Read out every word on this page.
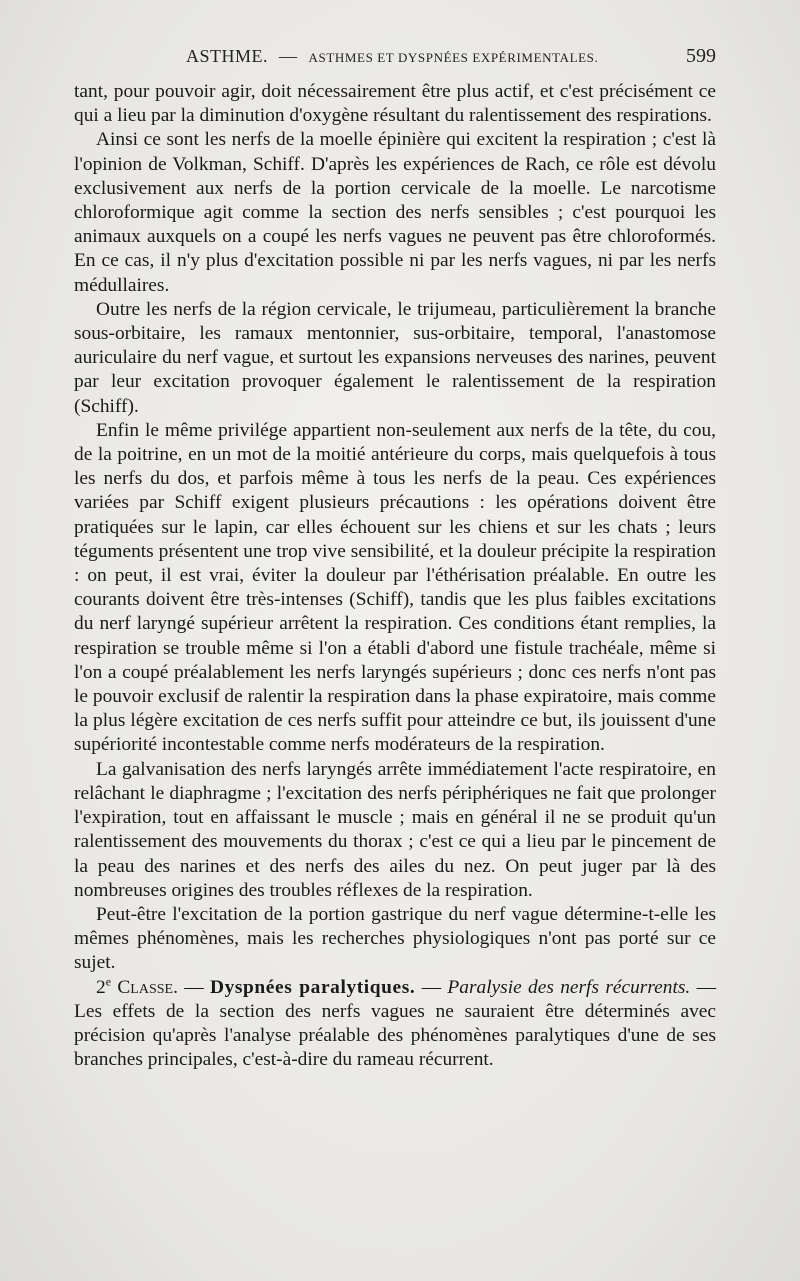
ASTHME. — ASTHMES ET DYSPNÉES EXPÉRIMENTALES.	599

tant, pour pouvoir agir, doit nécessairement être plus actif, et c'est précisément ce qui a lieu par la diminution d'oxygène résultant du ralentissement des respirations.

Ainsi ce sont les nerfs de la moelle épinière qui excitent la respiration ; c'est là l'opinion de Volkman, Schiff. D'après les expériences de Rach, ce rôle est dévolu exclusivement aux nerfs de la portion cervicale de la moelle. Le narcotisme chloroformique agit comme la section des nerfs sensibles ; c'est pourquoi les animaux auxquels on a coupé les nerfs vagues ne peuvent pas être chloroformés. En ce cas, il n'y plus d'excitation possible ni par les nerfs vagues, ni par les nerfs médullaires.

Outre les nerfs de la région cervicale, le trijumeau, particulièrement la branche sous-orbitaire, les ramaux mentonnier, sus-orbitaire, temporal, l'anastomose auriculaire du nerf vague, et surtout les expansions nerveuses des narines, peuvent par leur excitation provoquer également le ralentissement de la respiration (Schiff).

Enfin le même privilége appartient non-seulement aux nerfs de la tête, du cou, de la poitrine, en un mot de la moitié antérieure du corps, mais quelquefois à tous les nerfs du dos, et parfois même à tous les nerfs de la peau. Ces expériences variées par Schiff exigent plusieurs précautions : les opérations doivent être pratiquées sur le lapin, car elles échouent sur les chiens et sur les chats ; leurs téguments présentent une trop vive sensibilité, et la douleur précipite la respiration : on peut, il est vrai, éviter la douleur par l'éthérisation préalable. En outre les courants doivent être très-intenses (Schiff), tandis que les plus faibles excitations du nerf laryngé supérieur arrêtent la respiration. Ces conditions étant remplies, la respiration se trouble même si l'on a établi d'abord une fistule trachéale, même si l'on a coupé préalablement les nerfs laryngés supérieurs ; donc ces nerfs n'ont pas le pouvoir exclusif de ralentir la respiration dans la phase expiratoire, mais comme la plus légère excitation de ces nerfs suffit pour atteindre ce but, ils jouissent d'une supériorité incontestable comme nerfs modérateurs de la respiration.

La galvanisation des nerfs laryngés arrête immédiatement l'acte respiratoire, en relâchant le diaphragme ; l'excitation des nerfs périphériques ne fait que prolonger l'expiration, tout en affaissant le muscle ; mais en général il ne se produit qu'un ralentissement des mouvements du thorax ; c'est ce qui a lieu par le pincement de la peau des narines et des nerfs des ailes du nez. On peut juger par là des nombreuses origines des troubles réflexes de la respiration.

Peut-être l'excitation de la portion gastrique du nerf vague détermine-t-elle les mêmes phénomènes, mais les recherches physiologiques n'ont pas porté sur ce sujet.

2e Classe. — Dyspnées paralytiques. — Paralysie des nerfs récurrents. — Les effets de la section des nerfs vagues ne sauraient être déterminés avec précision qu'après l'analyse préalable des phénomènes paralytiques d'une de ses branches principales, c'est-à-dire du rameau récurrent.
